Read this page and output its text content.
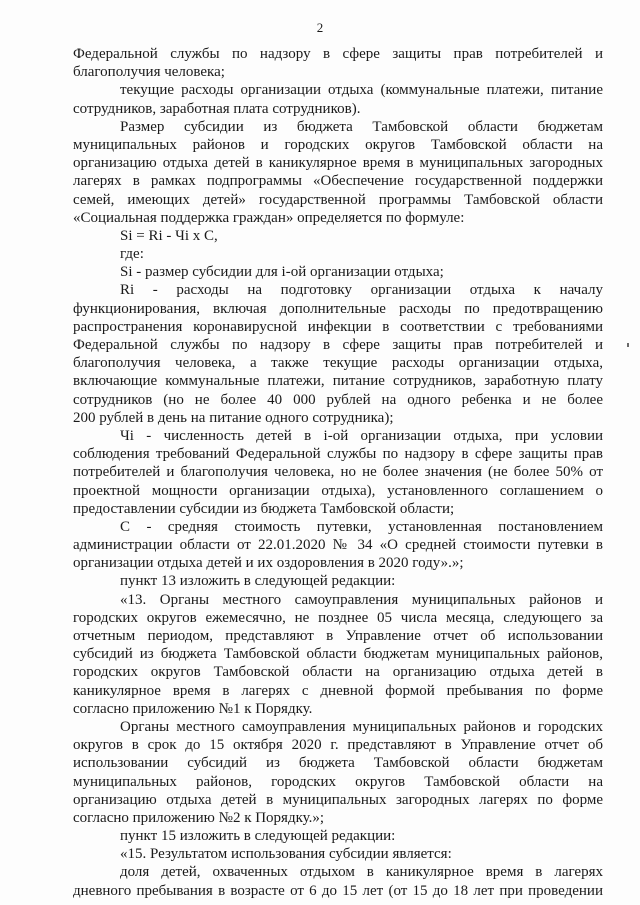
2
Федеральной службы по надзору в сфере защиты прав потребителей и
благополучия человека;
текущие расходы организации отдыха (коммунальные платежи, питание
сотрудников, заработная плата сотрудников).
Размер субсидии из бюджета Тамбовской области бюджетам
муниципальных районов и городских округов Тамбовской области на
организацию отдыха детей в каникулярное время в муниципальных загородных
лагерях в рамках подпрограммы «Обеспечение государственной поддержки
семей, имеющих детей» государственной программы Тамбовской области
«Социальная поддержка граждан» определяется по формуле:
Si = Ri - Чi x С,
где:
Si - размер субсидии для i-ой организации отдыха;
Ri - расходы на подготовку организации отдыха к началу
функционирования, включая дополнительные расходы по предотвращению
распространения коронавирусной инфекции в соответствии с требованиями
Федеральной службы по надзору в сфере защиты прав потребителей и
благополучия человека, а также текущие расходы организации отдыха,
включающие коммунальные платежи, питание сотрудников, заработную плату
сотрудников (но не более 40 000 рублей на одного ребенка и не более
200 рублей в день на питание одного сотрудника);
Чi - численность детей в i-ой организации отдыха, при условии
соблюдения требований Федеральной службы по надзору в сфере защиты прав
потребителей и благополучия человека, но не более значения (не более 50% от
проектной мощности организации отдыха), установленного соглашением о
предоставлении субсидии из бюджета Тамбовской области;
С - средняя стоимость путевки, установленная постановлением
администрации области от 22.01.2020 № 34 «О средней стоимости путевки в
организации отдыха детей и их оздоровления в 2020 году».»;
пункт 13 изложить в следующей редакции:
«13. Органы местного самоуправления муниципальных районов и
городских округов ежемесячно, не позднее 05 числа месяца, следующего за
отчетным периодом, представляют в Управление отчет об использовании
субсидий из бюджета Тамбовской области бюджетам муниципальных районов,
городских округов Тамбовской области на организацию отдыха детей в
каникулярное время в лагерях с дневной формой пребывания по форме
согласно приложению №1 к Порядку.
Органы местного самоуправления муниципальных районов и городских
округов в срок до 15 октября 2020 г. представляют в Управление отчет об
использовании субсидий из бюджета Тамбовской области бюджетам
муниципальных районов, городских округов Тамбовской области на
организацию отдыха детей в муниципальных загородных лагерях по форме
согласно приложению №2 к Порядку.»;
пункт 15 изложить в следующей редакции:
«15. Результатом использования субсидии является:
доля детей, охваченных отдыхом в каникулярное время в лагерях
дневного пребывания в возрасте от 6 до 15 лет (от 15 до 18 лет при проведении
